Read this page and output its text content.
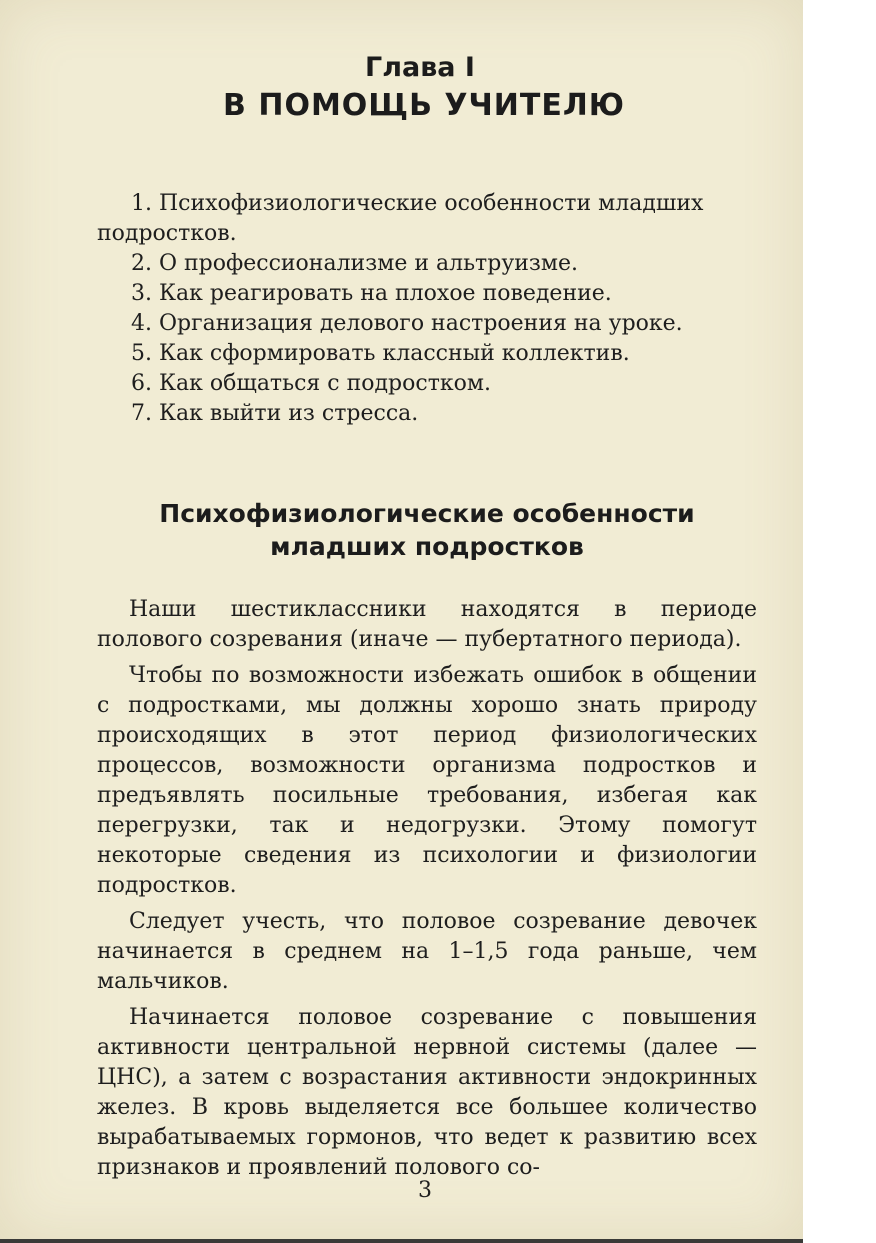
Глава I
В ПОМОЩЬ УЧИТЕЛЮ
1. Психофизиологические особенности младших подростков.
2. О профессионализме и альтруизме.
3. Как реагировать на плохое поведение.
4. Организация делового настроения на уроке.
5. Как сформировать классный коллектив.
6. Как общаться с подростком.
7. Как выйти из стресса.
Психофизиологические особенности
младших подростков

Наши шестиклассники находятся в периоде полового созревания (иначе — пубертатного периода).

Чтобы по возможности избежать ошибок в общении с подростками, мы должны хорошо знать природу происходящих в этот период физиологических процессов, возможности организма подростков и предъявлять посильные требования, избегая как перегрузки, так и недогрузки. Этому помогут некоторые сведения из психологии и физиологии подростков.

Следует учесть, что половое созревание девочек начинается в среднем на 1–1,5 года раньше, чем мальчиков.

Начинается половое созревание с повышения активности центральной нервной системы (далее — ЦНС), а затем с возрастания активности эндокринных желез. В кровь выделяется все большее количество вырабатываемых гормонов, что ведет к развитию всех признаков и проявлений полового со-

3
